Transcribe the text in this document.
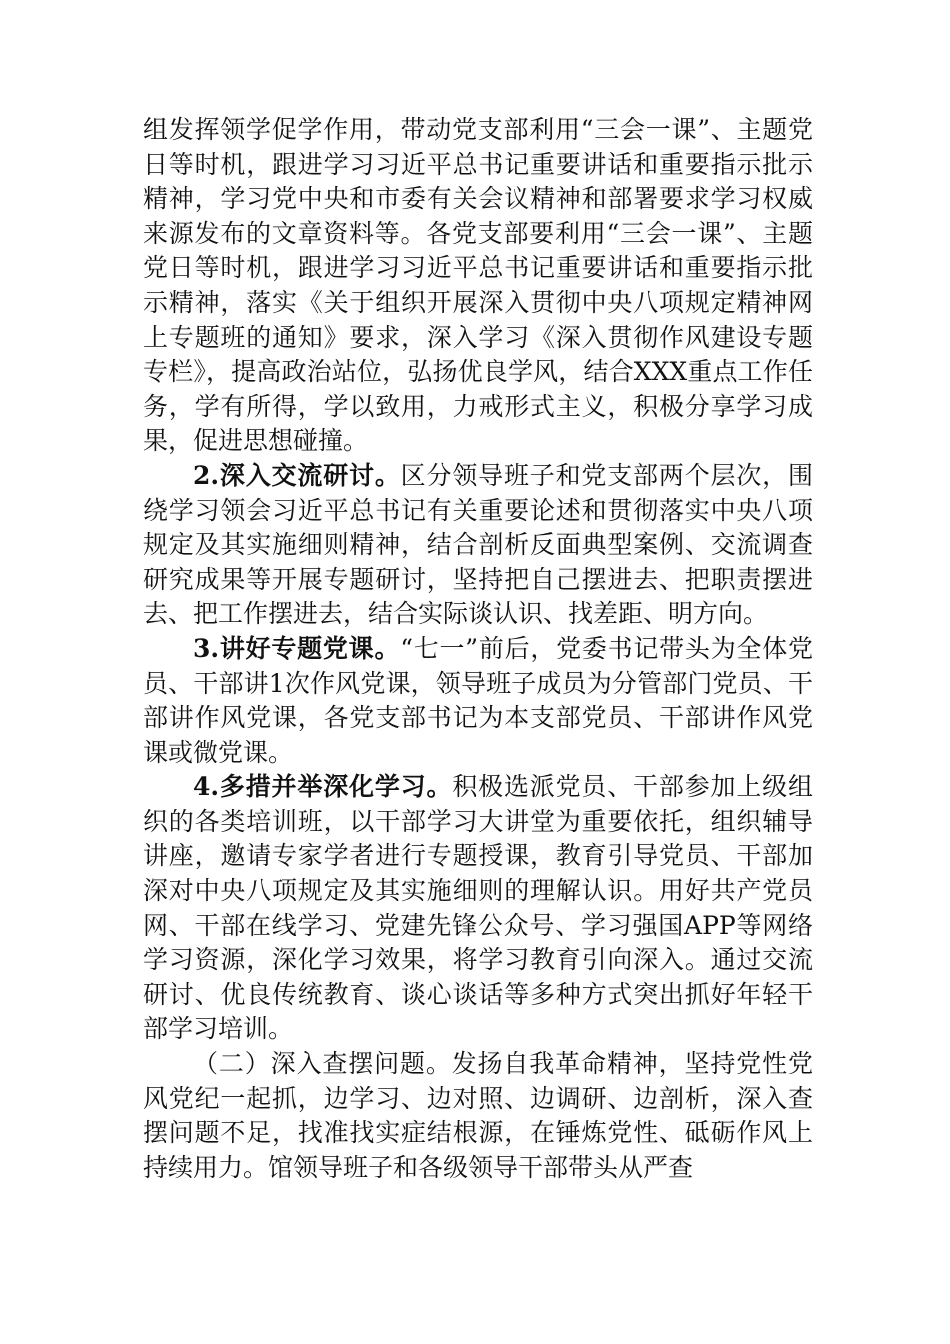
组发挥领学促学作用，带动党支部利用“三会一课”、主题党日等时机，跟进学习习近平总书记重要讲话和重要指示批示精神，学习党中央和市委有关会议精神和部署要求学习权威来源发布的文章资料等。各党支部要利用“三会一课”、主题党日等时机，跟进学习习近平总书记重要讲话和重要指示批示精神，落实《关于组织开展深入贯彻中央八项规定精神网上专题班的通知》要求，深入学习《深入贯彻作风建设专题专栏》，提高政治站位，弘扬优良学风，结合XXX重点工作任务，学有所得，学以致用，力戒形式主义，积极分享学习成果，促进思想碰撞。

2.深入交流研讨。区分领导班子和党支部两个层次，围绕学习领会习近平总书记有关重要论述和贯彻落实中央八项规定及其实施细则精神，结合剖析反面典型案例、交流调查研究成果等开展专题研讨，坚持把自己摆进去、把职责摆进去、把工作摆进去，结合实际谈认识、找差距、明方向。

3.讲好专题党课。“七一”前后，党委书记带头为全体党员、干部讲1次作风党课，领导班子成员为分管部门党员、干部讲作风党课，各党支部书记为本支部党员、干部讲作风党课或微党课。

4.多措并举深化学习。积极选派党员、干部参加上级组织的各类培训班，以干部学习大讲堂为重要依托，组织辅导讲座，邀请专家学者进行专题授课，教育引导党员、干部加深对中央八项规定及其实施细则的理解认识。用好共产党员网、干部在线学习、党建先锋公众号、学习强国APP等网络学习资源，深化学习效果，将学习教育引向深入。通过交流研讨、优良传统教育、谈心谈话等多种方式突出抓好年轻干部学习培训。

（二）深入查摆问题。发扬自我革命精神，坚持党性党风党纪一起抓，边学习、边对照、边调研、边剖析，深入查摆问题不足，找准找实症结根源，在锤炼党性、砥砺作风上持续用力。馆领导班子和各级领导干部带头从严查
